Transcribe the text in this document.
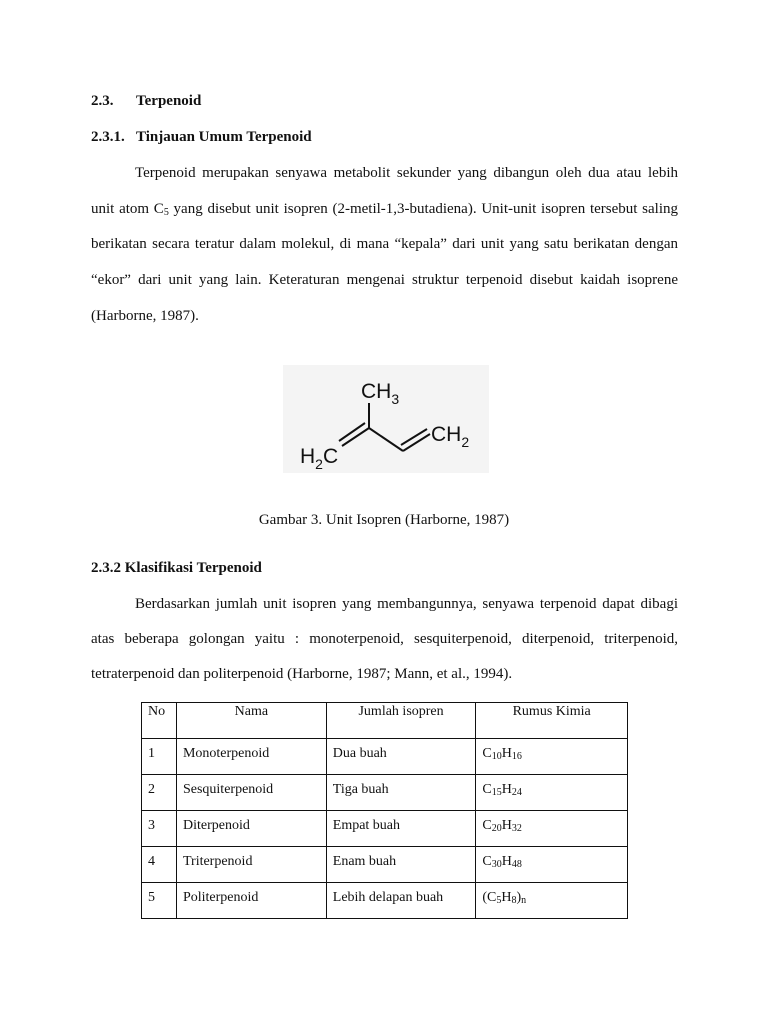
2.3. Terpenoid
2.3.1. Tinjauan Umum Terpenoid
Terpenoid merupakan senyawa metabolit sekunder yang dibangun oleh dua atau lebih
unit atom $C_5$ yang disebut unit isopren (2-metil-1,3-butadiena). Unit-unit isopren tersebut saling
berikatan secara teratur dalam molekul, di mana “kepala” dari unit yang satu berikatan dengan
“ekor” dari unit yang lain. Keteraturan mengenai struktur terpenoid disebut kaidah isoprene
(Harborne, 1987).
$CH_3$
$CH_2$
$H_2C$
Gambar 3. Unit Isopren (Harborne, 1987)
2.3.2 Klasifikasi Terpenoid
Berdasarkan jumlah unit isopren yang membangunnya, senyawa terpenoid dapat dibagi
atas beberapa golongan yaitu : monoterpenoid, sesquiterpenoid, diterpenoid, triterpenoid,
tetraterpenoid dan politerpenoid (Harborne, 1987; Mann, et al., 1994).
No	Nama	Jumlah isopren	Rumus Kimia
1	Monoterpenoid	Dua buah	$C_{10}H_{16}$
2	Sesquiterpenoid	Tiga buah	$C_{15}H_{24}$
3	Diterpenoid	Empat buah	$C_{20}H_{32}$
4	Triterpenoid	Enam buah	$C_{30}H_{48}$
5	Politerpenoid	Lebih delapan buah	$(C_5H_8)_n$
